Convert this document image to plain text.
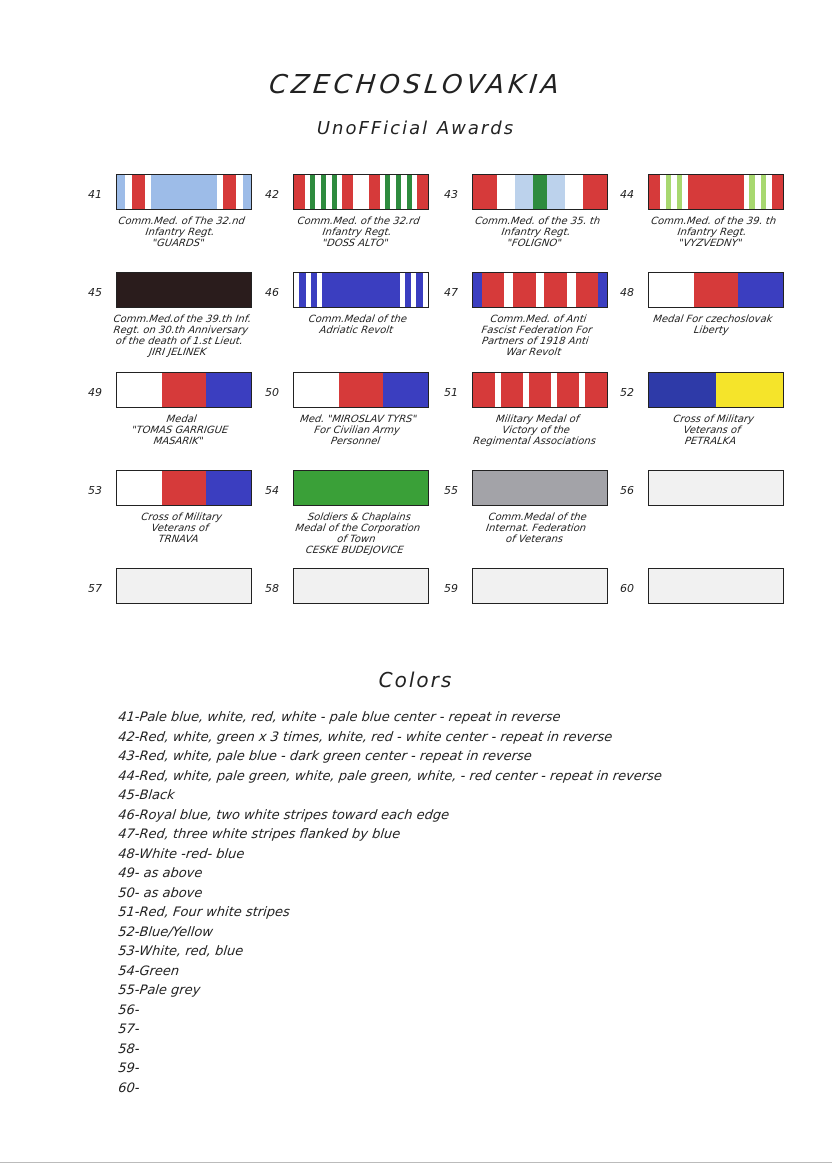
CZECHOSLOVAKIA
UnoFFicial Awards
41
Comm.Med. of The 32.nd
Infantry Regt.
"GUARDS"
42
Comm.Med. of the 32.rd
Infantry Regt.
"DOSS ALTO"
43
Comm.Med. of the 35. th
Infantry Regt.
"FOLIGNO"
44
Comm.Med. of the 39. th
Infantry Regt.
"VYZVEDNY"
45
Comm.Med.of the 39.th Inf.
Regt. on 30.th Anniversary
of the death of 1.st Lieut.
JIRI JELINEK
46
Comm.Medal of the
Adriatic Revolt
47
Comm.Med. of Anti
Fascist Federation For
Partners of 1918 Anti
War Revolt
48
Medal For czechoslovak
Liberty
49
Medal
"TOMAS GARRIGUE
MASARIK"
50
Med. "MIROSLAV TYRS"
For Civilian Army
Personnel
51
Military Medal of
Victory of the
Regimental Associations
52
Cross of Military
Veterans of
PETRALKA
53
Cross of Military
Veterans of
TRNAVA
54
Soldiers & Chaplains
Medal of the Corporation
of Town
CESKE BUDEJOVICE
55
Comm.Medal of the
Internat. Federation
of Veterans
56
57	58	59	60
Colors
41-Pale blue, white, red, white - pale blue center - repeat in reverse
42-Red, white, green x 3 times, white, red - white center - repeat in reverse
43-Red, white, pale blue - dark green center - repeat in reverse
44-Red, white, pale green, white, pale green, white, - red center - repeat in reverse
45-Black
46-Royal blue, two white stripes toward each edge
47-Red, three white stripes flanked by blue
48-White -red- blue
49- as above
50- as above
51-Red, Four white stripes
52-Blue/Yellow
53-White, red, blue
54-Green
55-Pale grey
56-
57-
58-
59-
60-
